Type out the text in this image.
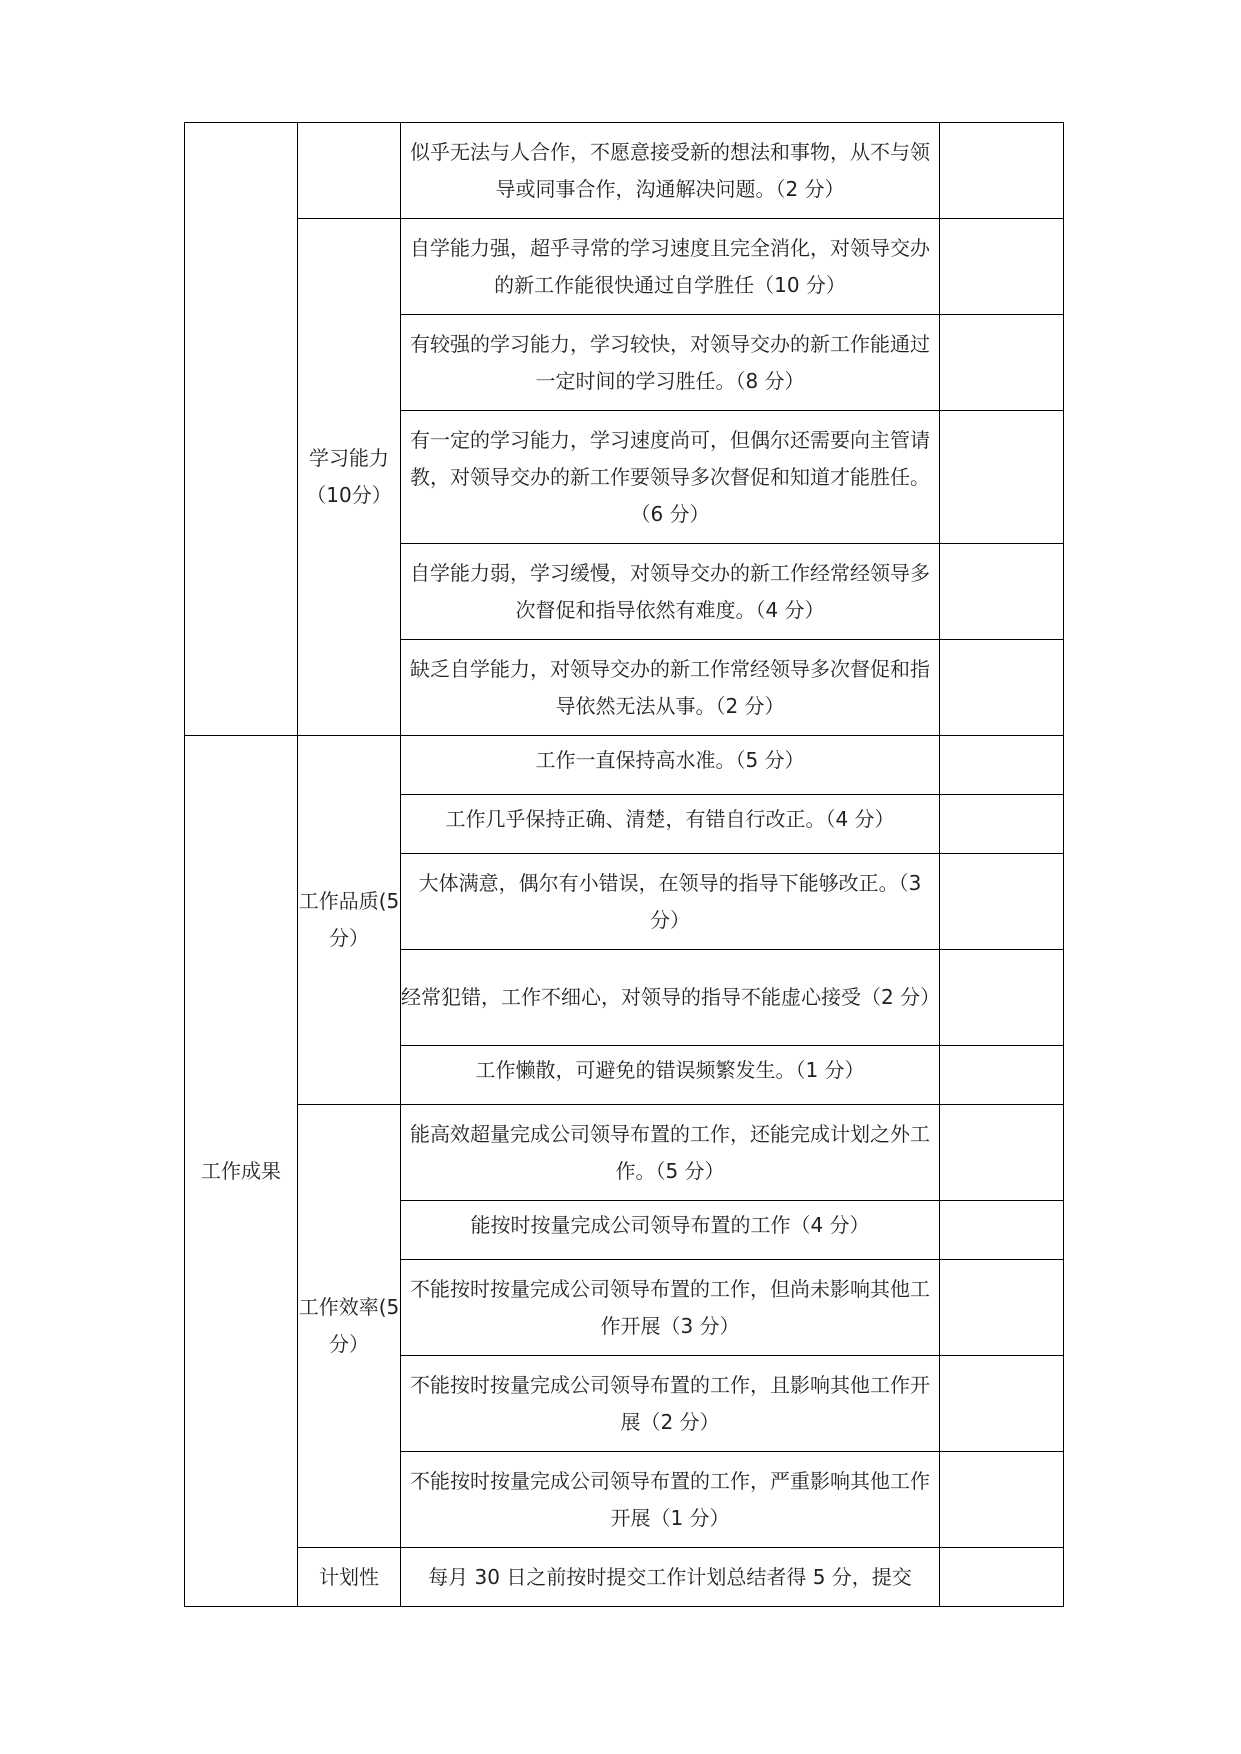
		似乎无法与人合作，不愿意接受新的想法和事物，从不与领导或同事合作，沟通解决问题。（2 分）	
	学习能力（10分）	自学能力强，超乎寻常的学习速度且完全消化，对领导交办的新工作能很快通过自学胜任（10 分）	
		有较强的学习能力，学习较快，对领导交办的新工作能通过一定时间的学习胜任。（8 分）	
		有一定的学习能力，学习速度尚可，但偶尔还需要向主管请教，对领导交办的新工作要领导多次督促和知道才能胜任。（6 分）	
		自学能力弱，学习缓慢，对领导交办的新工作经常经领导多次督促和指导依然有难度。（4 分）	
		缺乏自学能力，对领导交办的新工作常经领导多次督促和指导依然无法从事。（2 分）	
工作成果	工作品质(5 分）	工作一直保持高水准。（5 分）	
		工作几乎保持正确、清楚，有错自行改正。（4 分）	
		大体满意，偶尔有小错误，在领导的指导下能够改正。（3 分）	
		经常犯错，工作不细心，对领导的指导不能虚心接受（2 分）	
		工作懒散，可避免的错误频繁发生。（1 分）	
	工作效率(5 分）	能高效超量完成公司领导布置的工作，还能完成计划之外工作。（5 分）	
		能按时按量完成公司领导布置的工作（4 分）	
		不能按时按量完成公司领导布置的工作，但尚未影响其他工作开展（3 分）	
		不能按时按量完成公司领导布置的工作，且影响其他工作开展（2 分）	
		不能按时按量完成公司领导布置的工作，严重影响其他工作开展（1 分）	
	计划性	每月 30 日之前按时提交工作计划总结者得 5 分，提交	
